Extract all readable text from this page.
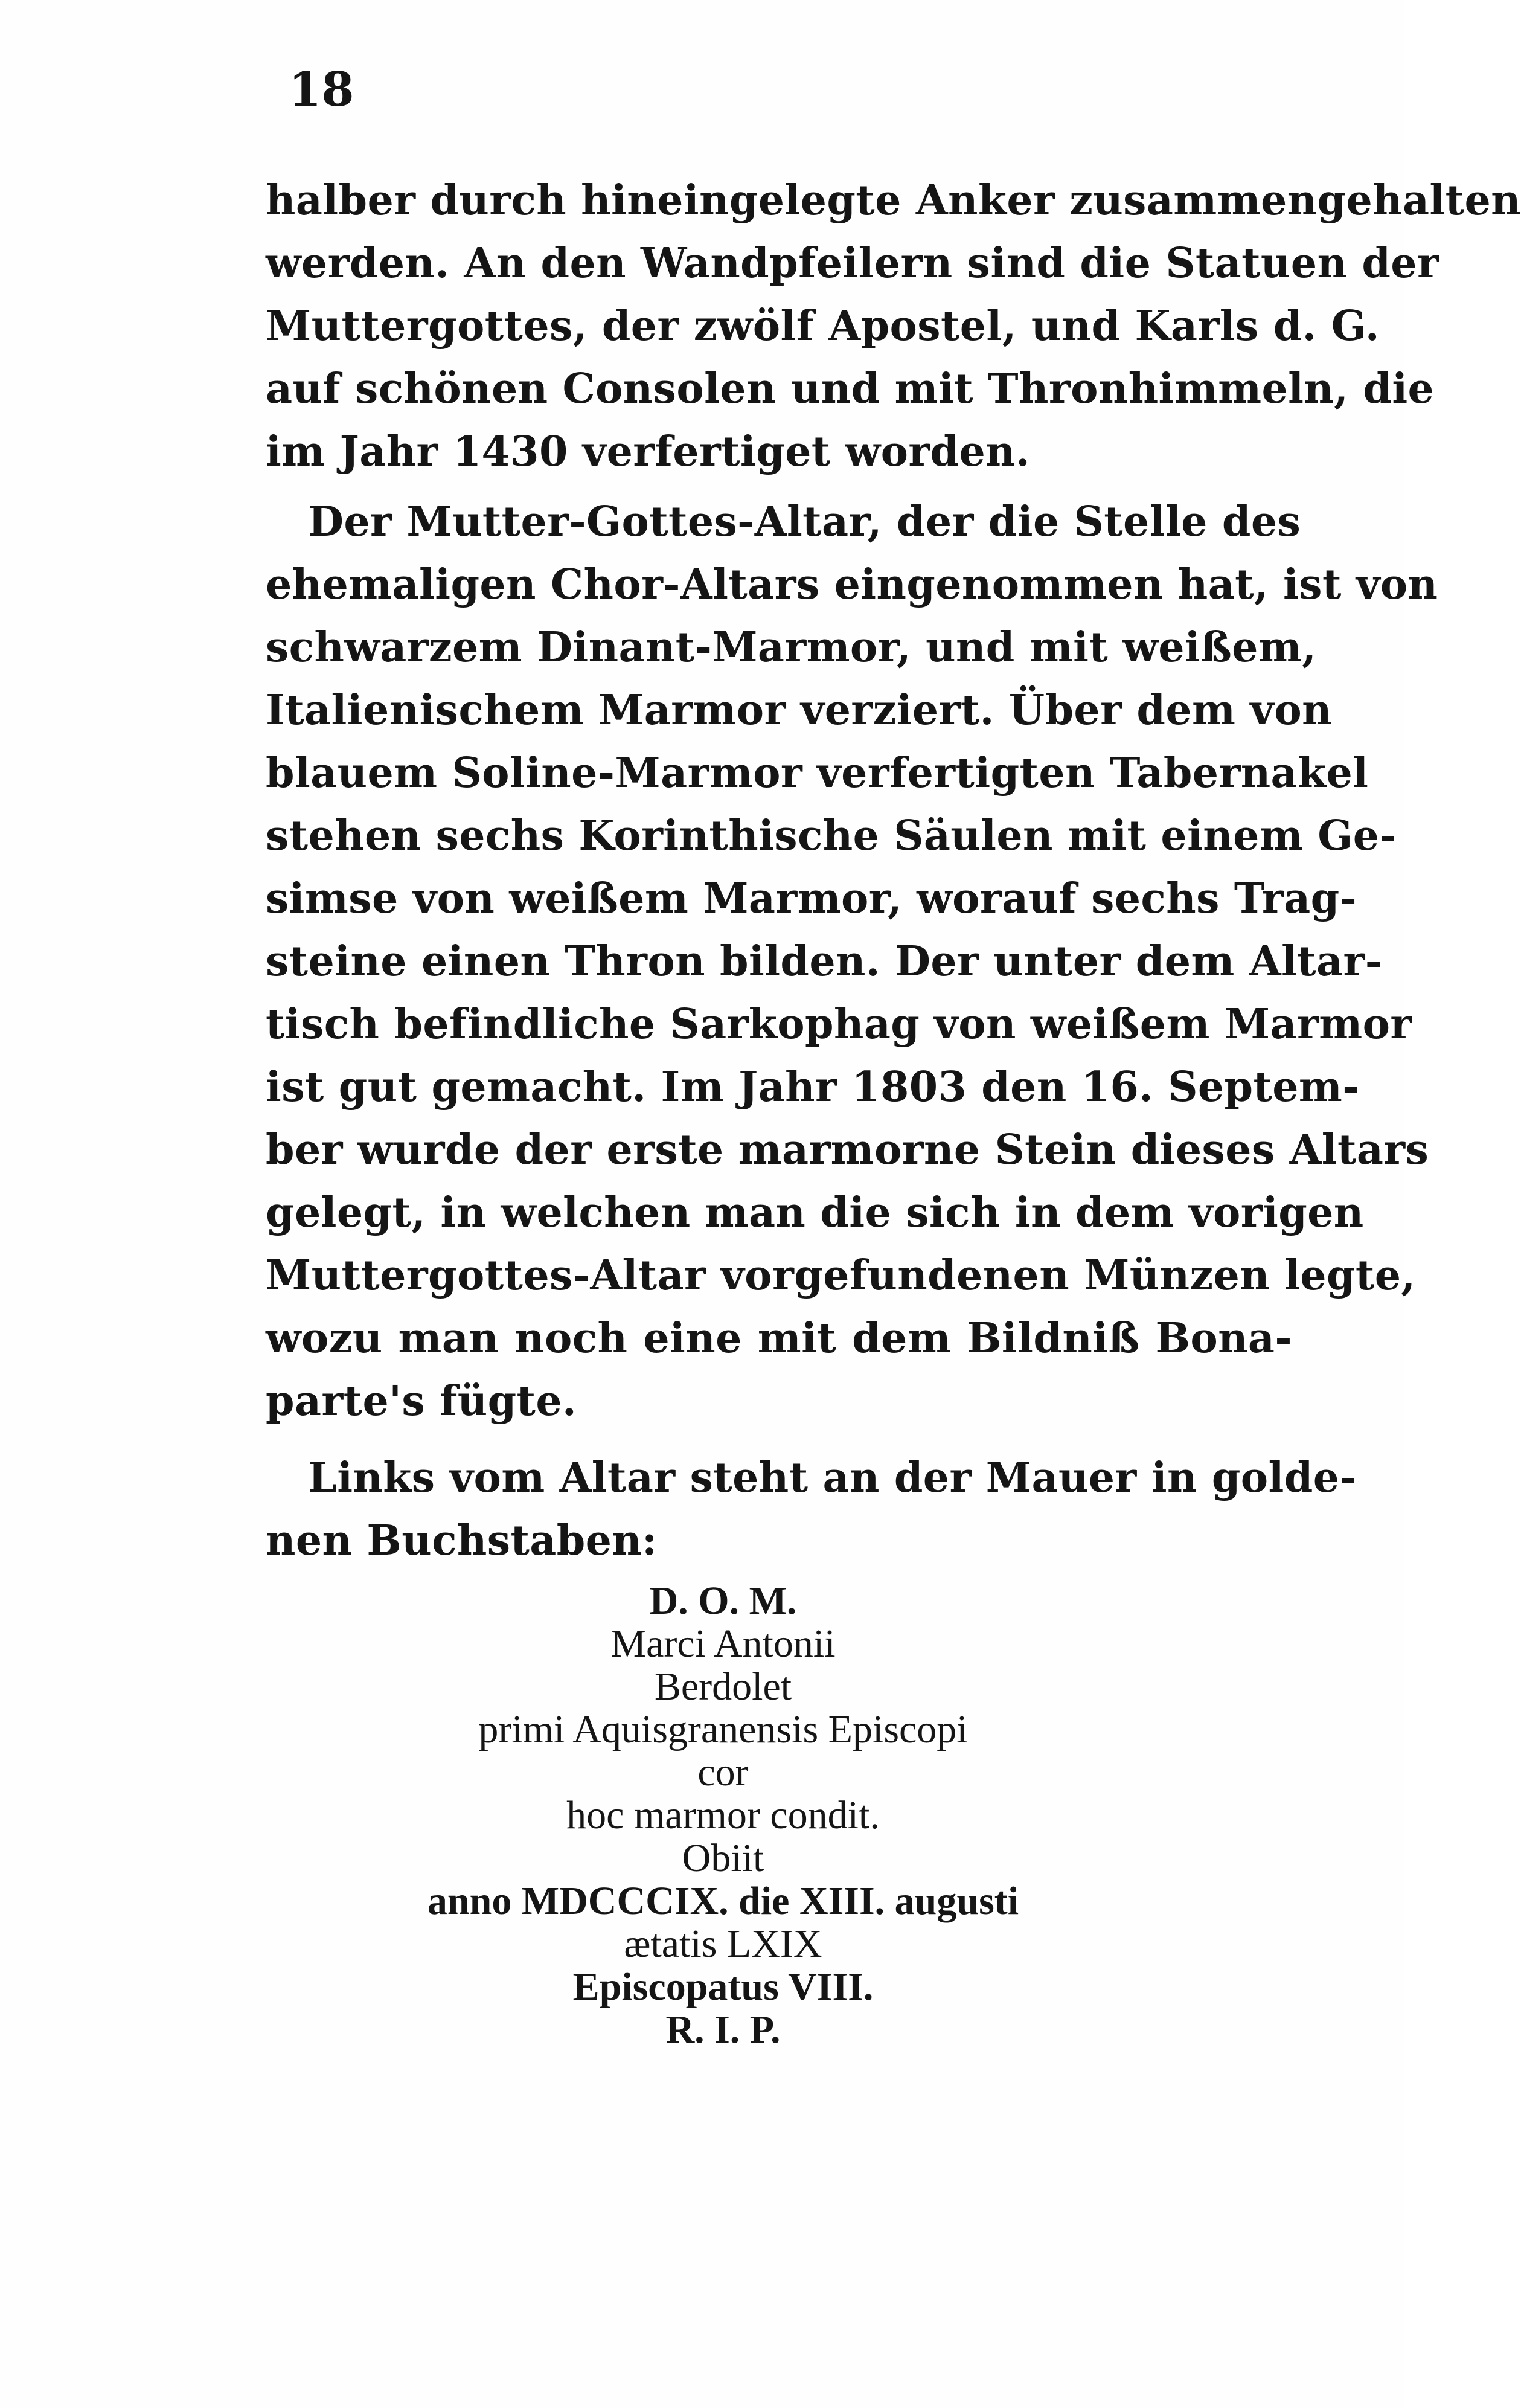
18
halber durch hineingelegte Anker zusammengehalten
werden. An den Wandpfeilern sind die Statuen der
Muttergottes, der zwölf Apostel, und Karls d. G.
auf schönen Consolen und mit Thronhimmeln, die
im Jahr 1430 verfertiget worden.
Der Mutter-Gottes-Altar, der die Stelle des
ehemaligen Chor-Altars eingenommen hat, ist von
schwarzem Dinant-Marmor, und mit weißem,
Italienischem Marmor verziert. Über dem von
blauem Soline-Marmor verfertigten Tabernakel
stehen sechs Korinthische Säulen mit einem Ge-
simse von weißem Marmor, worauf sechs Trag-
steine einen Thron bilden. Der unter dem Altar-
tisch befindliche Sarkophag von weißem Marmor
ist gut gemacht. Im Jahr 1803 den 16. Septem-
ber wurde der erste marmorne Stein dieses Altars
gelegt, in welchen man die sich in dem vorigen
Muttergottes-Altar vorgefundenen Münzen legte,
wozu man noch eine mit dem Bildniß Bona-
parte's fügte.
Links vom Altar steht an der Mauer in golde-
nen Buchstaben:
D. O. M.
Marci Antonii
Berdolet
primi Aquisgranensis Episcopi
cor
hoc marmor condit.
Obiit
anno MDCCCIX. die XIII. augusti
ætatis LXIX
Episcopatus VIII.
R. I. P.
